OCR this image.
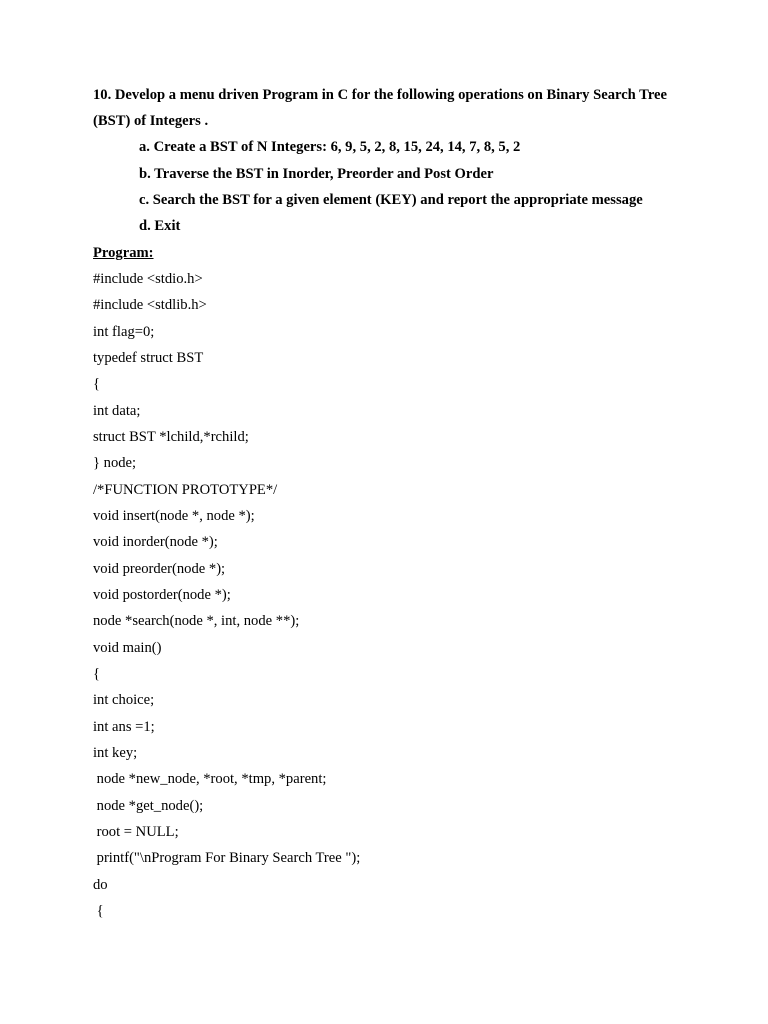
10. Develop a menu driven Program in C for the following operations on Binary Search Tree
(BST) of Integers .
a. Create a BST of N Integers: 6, 9, 5, 2, 8, 15, 24, 14, 7, 8, 5, 2
b. Traverse the BST in Inorder, Preorder and Post Order
c. Search the BST for a given element (KEY) and report the appropriate message
d. Exit
Program:
#include <stdio.h>
#include <stdlib.h>
int flag=0;
typedef struct BST
{
int data;
struct BST *lchild,*rchild;
} node;
/*FUNCTION PROTOTYPE*/
void insert(node *, node *);
void inorder(node *);
void preorder(node *);
void postorder(node *);
node *search(node *, int, node **);
void main()
{
int choice;
int ans =1;
int key;
node *new_node, *root, *tmp, *parent;
node *get_node();
root = NULL;
printf("\nProgram For Binary Search Tree ");
do
{
